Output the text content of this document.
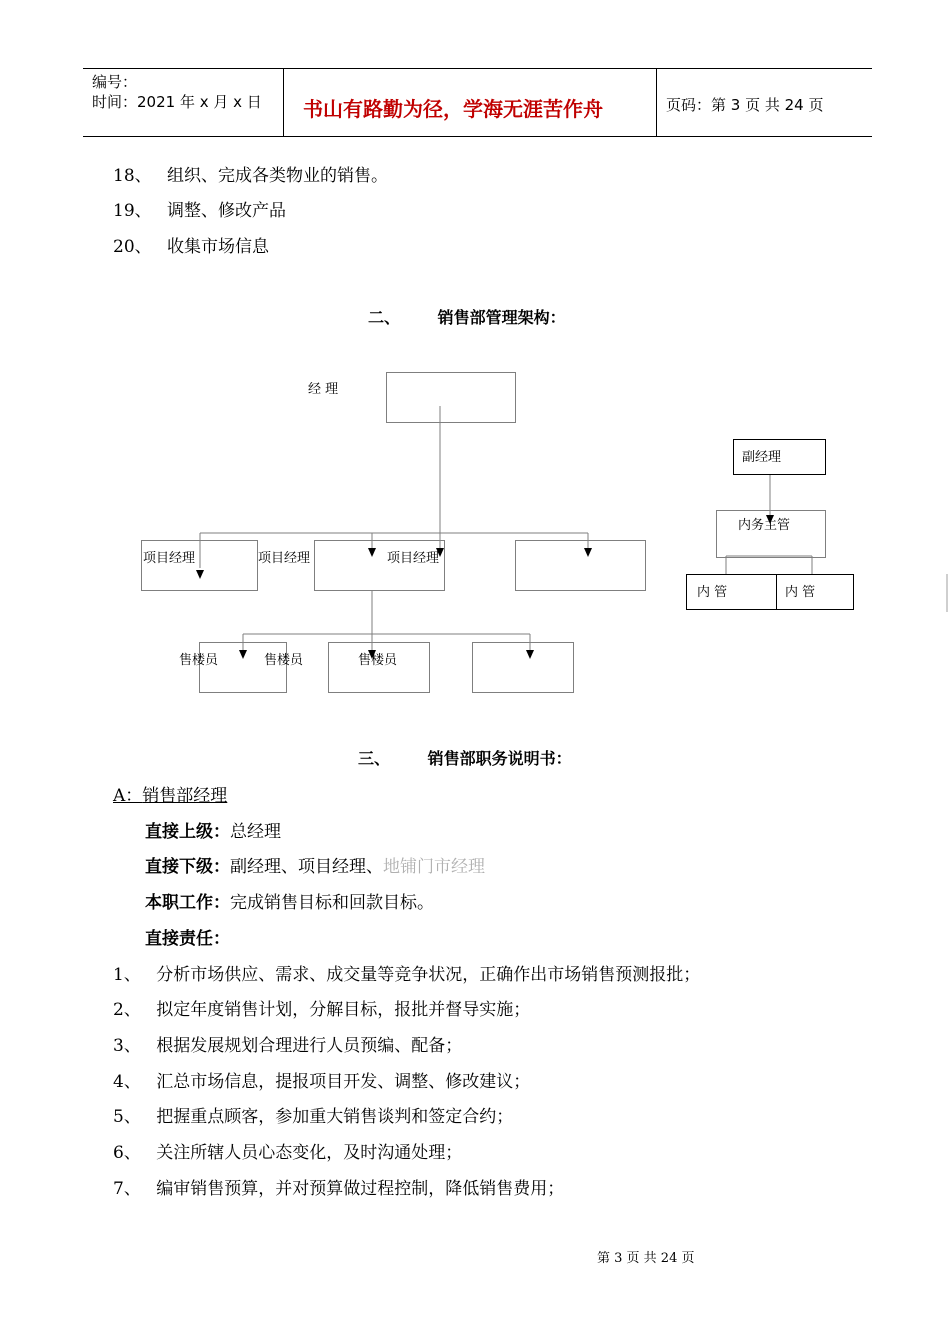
编号：
时间：2021 年 x 月 x 日 书山有路勤为径，学海无涯苦作舟	页码：第 3 页 共 24 页
18、 组织、完成各类物业的销售。
19、 调整、修改产品
20、 收集市场信息
二、 销售部管理架构：
经 理
副经理
内务主管
内 管	内 管
项目经理	项目经理	项目经理
售楼员	售楼员	售楼员
三、 销售部职务说明书：
A：销售部经理
直接上级：总经理
直接下级：副经理、项目经理、地铺门市经理
本职工作：完成销售目标和回款目标。
直接责任：
1、 分析市场供应、需求、成交量等竞争状况，正确作出市场销售预测报批；
2、 拟定年度销售计划，分解目标，报批并督导实施；
3、 根据发展规划合理进行人员预编、配备；
4、 汇总市场信息，提报项目开发、调整、修改建议；
5、 把握重点顾客，参加重大销售谈判和签定合约；
6、 关注所辖人员心态变化，及时沟通处理；
7、 编审销售预算，并对预算做过程控制，降低销售费用；
第 3 页 共 24 页
